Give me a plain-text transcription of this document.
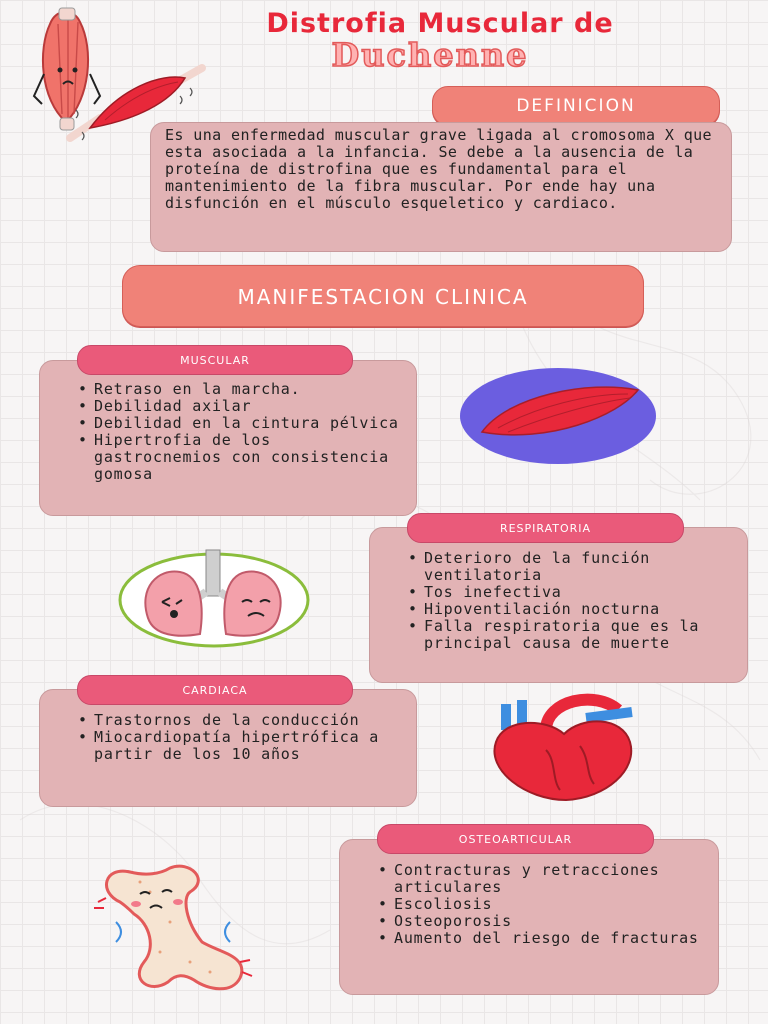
Distrofia Muscular de
Duchenne
DEFINICION
Es una enfermedad muscular grave ligada al cromosoma X que esta asociada a la infancia. Se debe a la ausencia de la proteína de distrofina que es fundamental para el mantenimiento de la fibra muscular. Por ende hay una disfunción en el músculo esqueletico y cardiaco.
MANIFESTACION CLINICA
• Retraso en la marcha.
• Debilidad axilar
• Debilidad en la cintura pélvica
• Hipertrofia de los gastrocnemios con consistencia gomosa
MUSCULAR
• Deterioro de la función ventilatoria
• Tos inefectiva
• Hipoventilación nocturna
• Falla respiratoria que es la principal causa de muerte
RESPIRATORIA
• Trastornos de la conducción
• Miocardiopatía hipertrófica a partir de los 10 años
CARDIACA
• Contracturas y retracciones articulares
• Escoliosis
• Osteoporosis
• Aumento del riesgo de fracturas
OSTEOARTICULAR
